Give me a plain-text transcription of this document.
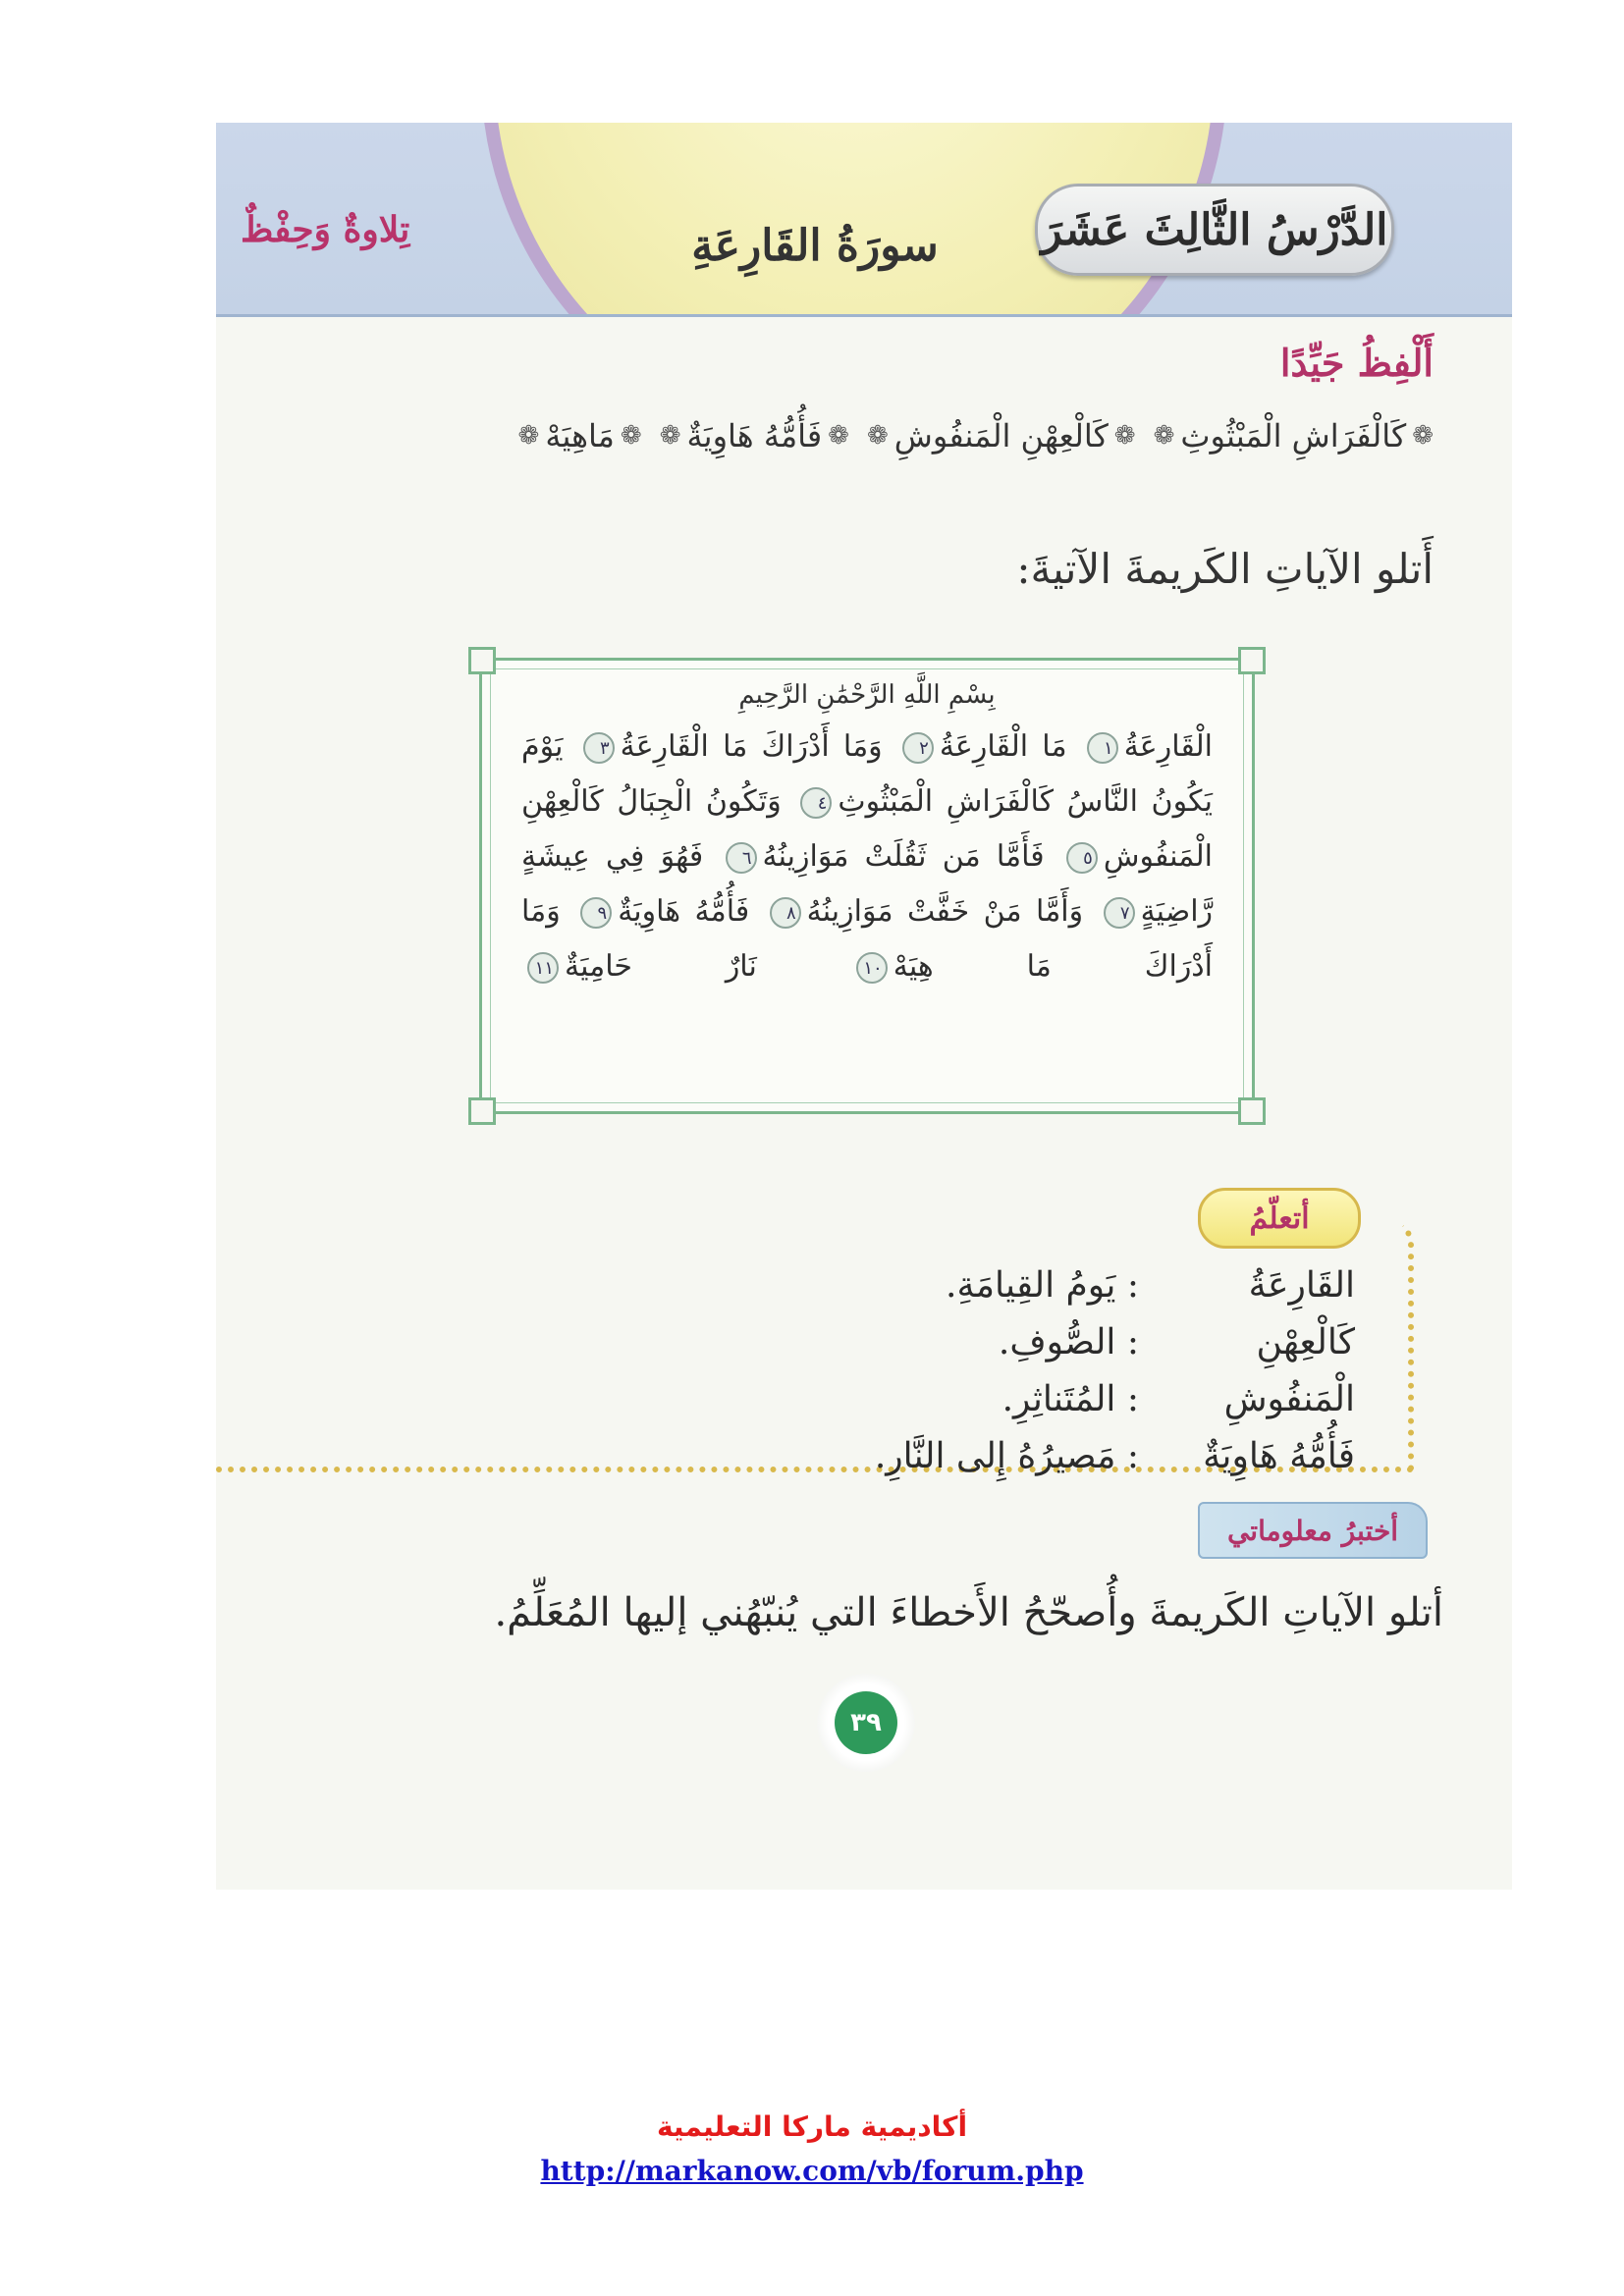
الدَّرْسُ الثَّالِثَ عَشَرَ
سورَةُ القَارِعَةِ
تِلاوةٌ وَحِفْظٌ
أَلْفِظُ جَيِّدًا
❁
كَالْفَرَاشِ الْمَبْثُوثِ
❁
❁
كَالْعِهْنِ الْمَنفُوشِ
❁
❁
فَأُمُّهُ هَاوِيَةٌ
❁
❁
مَاهِيَهْ
❁
أَتلو الآياتِ الكَريمةَ الآتيةَ:
بِسْمِ اللَّهِ الرَّحْمَٰنِ الرَّحِيمِ
الْقَارِعَةُ١ مَا الْقَارِعَةُ٢ وَمَا أَدْرَاكَ مَا الْقَارِعَةُ٣ يَوْمَ يَكُونُ النَّاسُ كَالْفَرَاشِ الْمَبْثُوثِ٤ وَتَكُونُ الْجِبَالُ كَالْعِهْنِ الْمَنفُوشِ٥ فَأَمَّا مَن ثَقُلَتْ مَوَازِينُهُ٦ فَهُوَ فِي عِيشَةٍ رَّاضِيَةٍ٧ وَأَمَّا مَنْ خَفَّتْ مَوَازِينُهُ٨ فَأُمُّهُ هَاوِيَةٌ٩ وَمَا أَدْرَاكَ مَا هِيَهْ١٠ نَارٌ حَامِيَةٌ١١
أتعلّمُ
القَارِعَةُ
: يَومُ القِيامَةِ.
كَالْعِهْنِ
: الصُّوفِ.
الْمَنفُوشِ
: المُتَناثِرِ.
فَأُمُّهُ هَاوِيَةٌ
: مَصيرُهُ إِلى النَّارِ.
أختبرُ معلوماتي
أتلو الآياتِ الكَريمةَ وأُصحّحُ الأَخطاءَ التي يُنبّهُني إليها المُعَلِّمُ.
٣٩
أكاديمية ماركا التعليمية
http://markanow.com/vb/forum.php
